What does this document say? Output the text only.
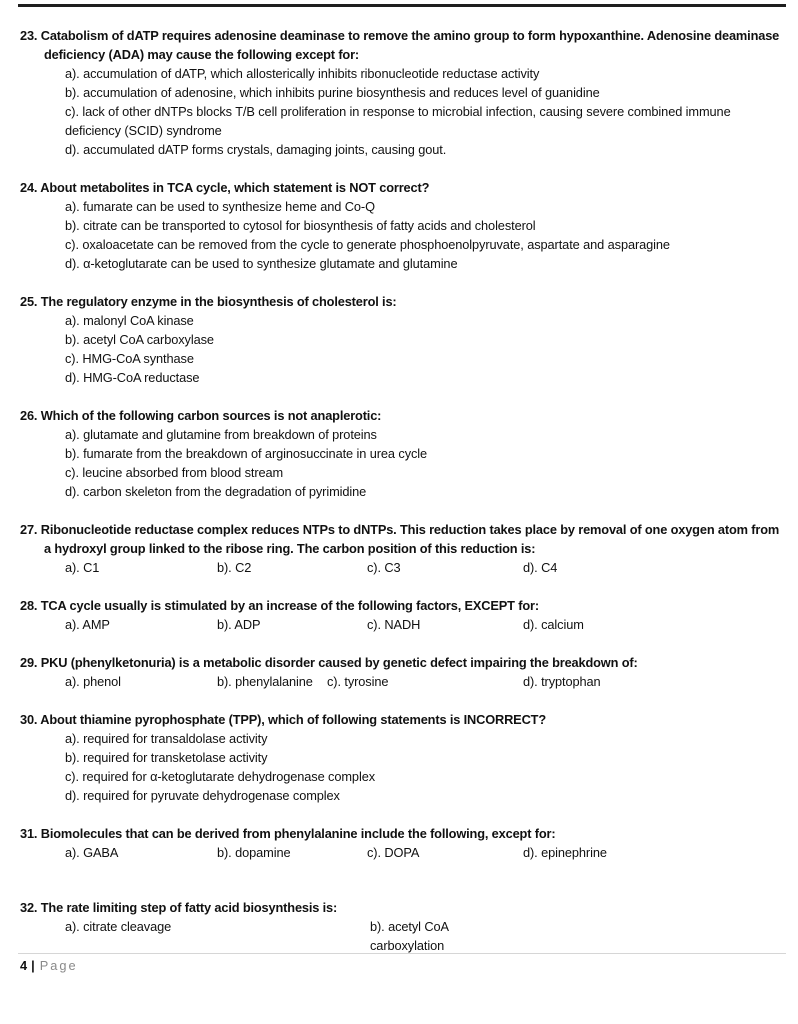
23. Catabolism of dATP requires adenosine deaminase to remove the amino group to form hypoxanthine. Adenosine deaminase deficiency (ADA) may cause the following except for:
a). accumulation of dATP, which allosterically inhibits ribonucleotide reductase activity
b). accumulation of adenosine, which inhibits purine biosynthesis and reduces level of guanidine
c). lack of other dNTPs blocks T/B cell proliferation in response to microbial infection, causing severe combined immune deficiency (SCID) syndrome
d). accumulated dATP forms crystals, damaging joints, causing gout.
24. About metabolites in TCA cycle, which statement is NOT correct?
a). fumarate can be used to synthesize heme and Co-Q
b). citrate can be transported to cytosol for biosynthesis of fatty acids and cholesterol
c). oxaloacetate can be removed from the cycle to generate phosphoenolpyruvate, aspartate and asparagine
d). α-ketoglutarate can be used to synthesize glutamate and glutamine
25. The regulatory enzyme in the biosynthesis of cholesterol is:
a). malonyl CoA kinase
b). acetyl CoA carboxylase
c). HMG-CoA synthase
d). HMG-CoA reductase
26. Which of the following carbon sources is not anaplerotic:
a). glutamate and glutamine from breakdown of proteins
b). fumarate from the breakdown of arginosuccinate in urea cycle
c). leucine absorbed from blood stream
d). carbon skeleton from the degradation of pyrimidine
27. Ribonucleotide reductase complex reduces NTPs to dNTPs. This reduction takes place by removal of one oxygen atom from a hydroxyl group linked to the ribose ring. The carbon position of this reduction is:
a). C1	b). C2	c). C3	d). C4
28. TCA cycle usually is stimulated by an increase of the following factors, EXCEPT for:
a). AMP	b). ADP	c). NADH	d). calcium
29. PKU (phenylketonuria) is a metabolic disorder caused by genetic defect impairing the breakdown of:
a). phenol	b). phenylalanine	c). tyrosine	d). tryptophan
30. About thiamine pyrophosphate (TPP), which of following statements is INCORRECT?
a). required for transaldolase activity
b). required for transketolase activity
c). required for α-ketoglutarate dehydrogenase complex
d). required for pyruvate dehydrogenase complex
31. Biomolecules that can be derived from phenylalanine include the following, except for:
a). GABA	b). dopamine	c). DOPA	d). epinephrine
32. The rate limiting step of fatty acid biosynthesis is:
a). citrate cleavage	b). acetyl CoA carboxylation
4 | Page
